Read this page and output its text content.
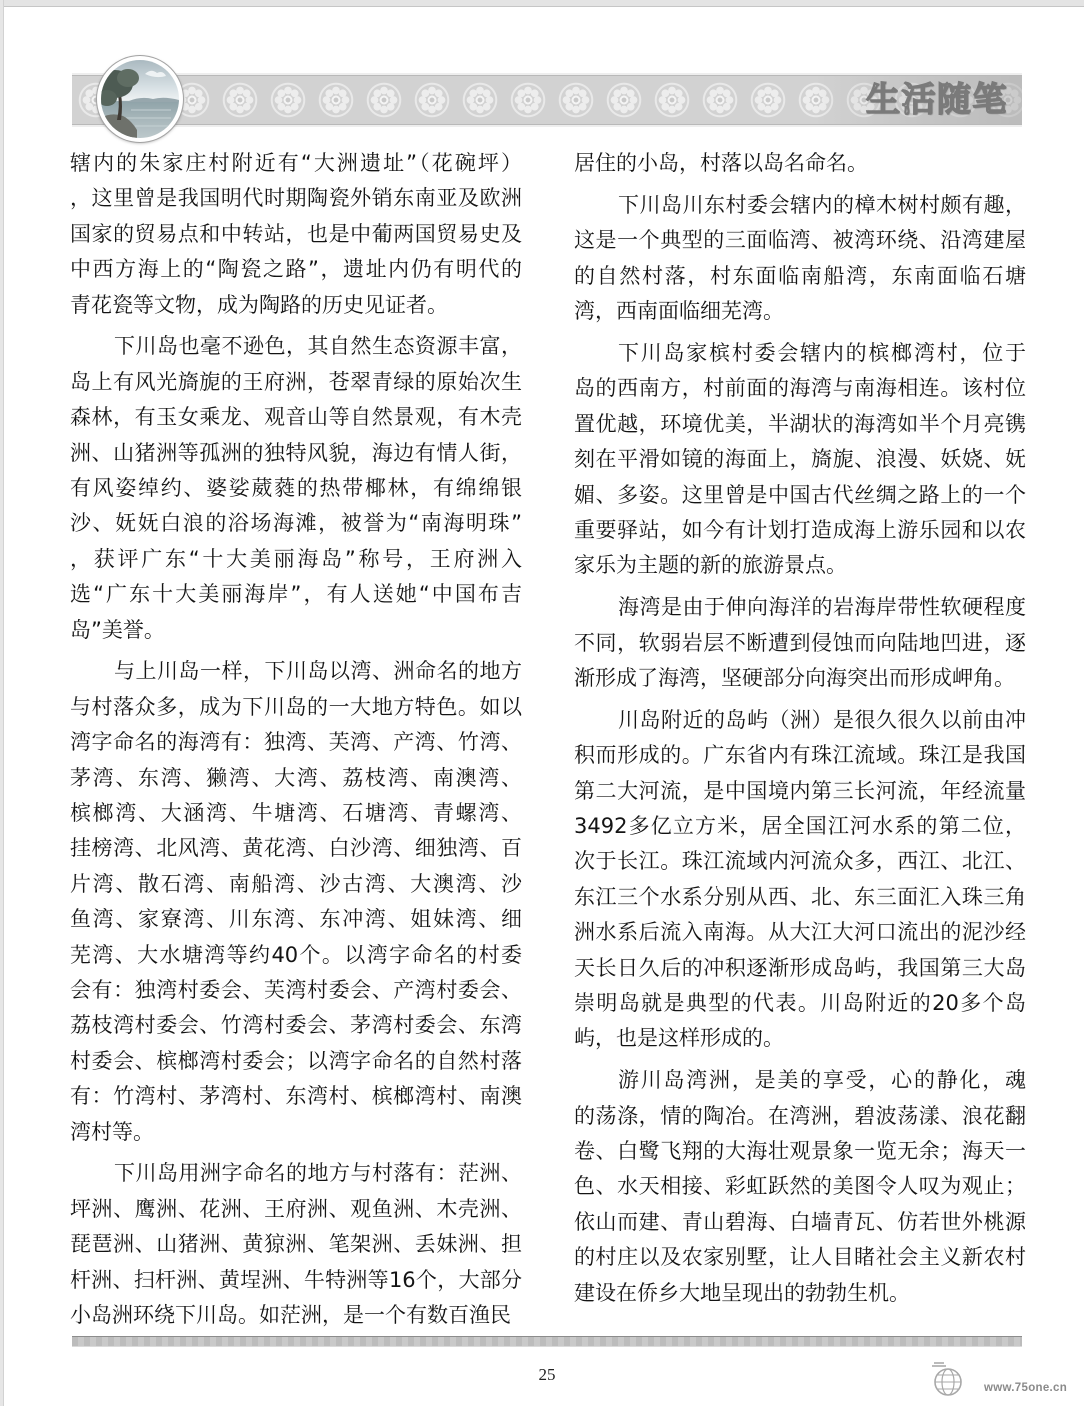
生活随笔
辖内的朱家庄村附近有“大洲遗址”（花碗坪）
，这里曾是我国明代时期陶瓷外销东南亚及欧洲
国家的贸易点和中转站，也是中葡两国贸易史及
中西方海上的“陶瓷之路”，遗址内仍有明代的
青花瓷等文物，成为陶路的历史见证者。
下川岛也毫不逊色，其自然生态资源丰富，
岛上有风光旖旎的王府洲，苍翠青绿的原始次生
森林，有玉女乘龙、观音山等自然景观，有木壳
洲、山猪洲等孤洲的独特风貌，海边有情人街，
有风姿绰约、婆娑葳蕤的热带椰林，有绵绵银
沙、妩妩白浪的浴场海滩，被誉为“南海明珠”
，获评广东“十大美丽海岛”称号，王府洲入
选“广东十大美丽海岸”，有人送她“中国布吉
岛”美誉。
与上川岛一样，下川岛以湾、洲命名的地方
与村落众多，成为下川岛的一大地方特色。如以
湾字命名的海湾有：独湾、芙湾、产湾、竹湾、
茅湾、东湾、獭湾、大湾、荔枝湾、南澳湾、
槟榔湾、大涵湾、牛塘湾、石塘湾、青螺湾、
挂榜湾、北风湾、黄花湾、白沙湾、细独湾、百
片湾、散石湾、南船湾、沙古湾、大澳湾、沙
鱼湾、家寮湾、川东湾、东冲湾、姐妹湾、细
芜湾、大水塘湾等约40个。以湾字命名的村委
会有：独湾村委会、芙湾村委会、产湾村委会、
荔枝湾村委会、竹湾村委会、茅湾村委会、东湾
村委会、槟榔湾村委会；以湾字命名的自然村落
有：竹湾村、茅湾村、东湾村、槟榔湾村、南澳
湾村等。
下川岛用洲字命名的地方与村落有：茫洲、
坪洲、鹰洲、花洲、王府洲、观鱼洲、木壳洲、
琵琶洲、山猪洲、黄猄洲、笔架洲、丢妹洲、担
杆洲、扫杆洲、黄埕洲、牛特洲等16个，大部分
小岛洲环绕下川岛。如茫洲，是一个有数百渔民
居住的小岛，村落以岛名命名。
下川岛川东村委会辖内的樟木树村颇有趣，
这是一个典型的三面临湾、被湾环绕、沿湾建屋
的自然村落，村东面临南船湾，东南面临石塘
湾，西南面临细芜湾。
下川岛家槟村委会辖内的槟榔湾村，位于
岛的西南方，村前面的海湾与南海相连。该村位
置优越，环境优美，半湖状的海湾如半个月亮镌
刻在平滑如镜的海面上，旖旎、浪漫、妖娆、妩
媚、多姿。这里曾是中国古代丝绸之路上的一个
重要驿站，如今有计划打造成海上游乐园和以农
家乐为主题的新的旅游景点。
海湾是由于伸向海洋的岩海岸带性软硬程度
不同，软弱岩层不断遭到侵蚀而向陆地凹进，逐
渐形成了海湾，坚硬部分向海突出而形成岬角。
川岛附近的岛屿（洲）是很久很久以前由冲
积而形成的。广东省内有珠江流域。珠江是我国
第二大河流，是中国境内第三长河流，年经流量
3492多亿立方米，居全国江河水系的第二位，
次于长江。珠江流域内河流众多，西江、北江、
东江三个水系分别从西、北、东三面汇入珠三角
洲水系后流入南海。从大江大河口流出的泥沙经
天长日久后的冲积逐渐形成岛屿，我国第三大岛
崇明岛就是典型的代表。川岛附近的20多个岛
屿，也是这样形成的。
游川岛湾洲，是美的享受，心的静化，魂
的荡涤，情的陶冶。在湾洲，碧波荡漾、浪花翻
卷、白鹭飞翔的大海壮观景象一览无余；海天一
色、水天相接、彩虹跃然的美图令人叹为观止；
依山而建、青山碧海、白墙青瓦、仿若世外桃源
的村庄以及农家别墅，让人目睹社会主义新农村
建设在侨乡大地呈现出的勃勃生机。
25
www.75one.cn
